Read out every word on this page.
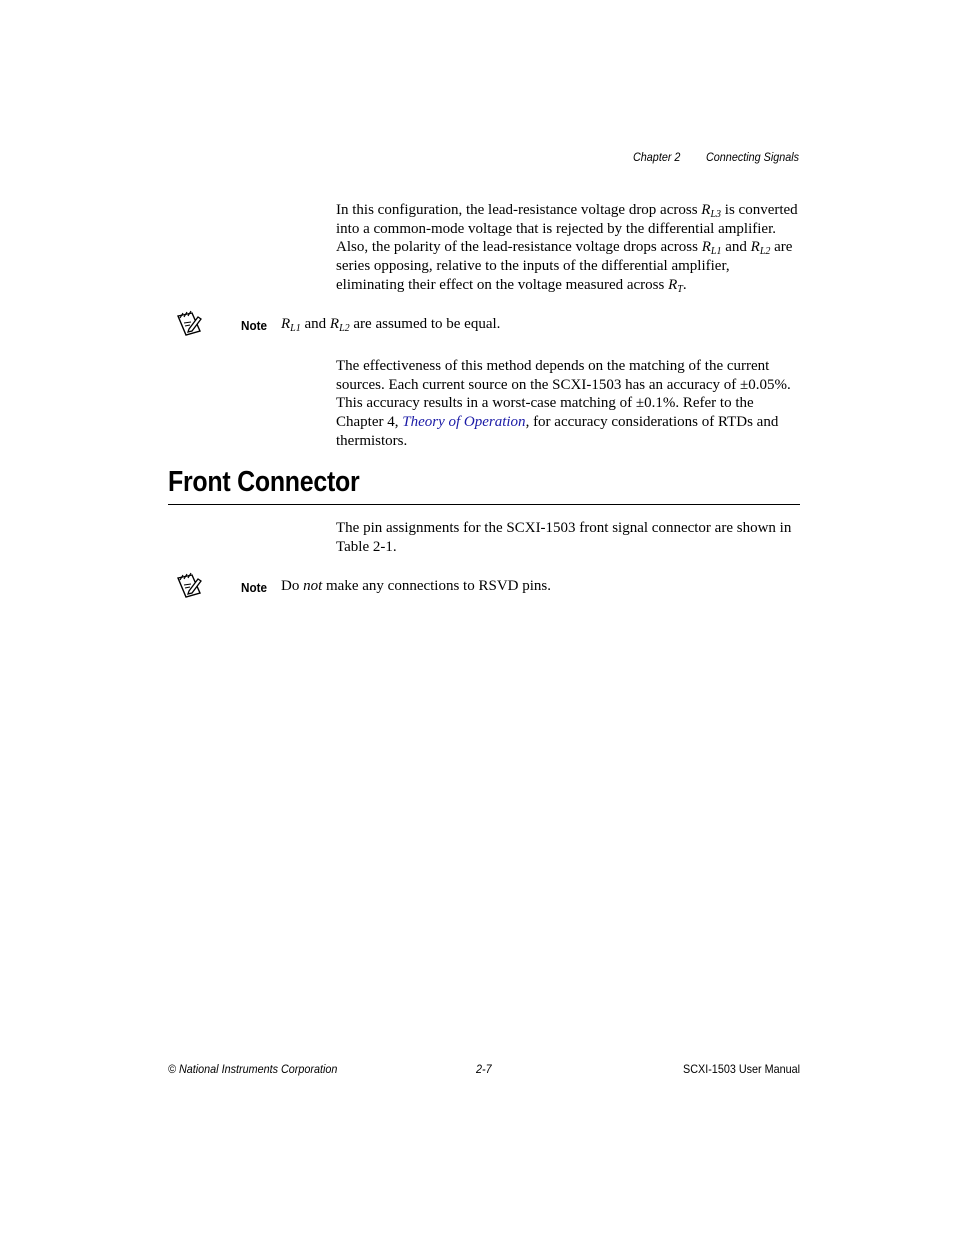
Chapter 2 Connecting Signals
In this configuration, the lead-resistance voltage drop across $R_{L3}$ is converted into a common-mode voltage that is rejected by the differential amplifier. Also, the polarity of the lead-resistance voltage drops across $R_{L1}$ and $R_{L2}$ are series opposing, relative to the inputs of the differential amplifier, eliminating their effect on the voltage measured across $R_T$.
Note $R_{L1}$ and $R_{L2}$ are assumed to be equal.
The effectiveness of this method depends on the matching of the current sources. Each current source on the SCXI-1503 has an accuracy of ±0.05%. This accuracy results in a worst-case matching of ±0.1%. Refer to the Chapter 4, Theory of Operation, for accuracy considerations of RTDs and thermistors.
Front Connector
The pin assignments for the SCXI-1503 front signal connector are shown in Table 2-1.
Note Do not make any connections to RSVD pins.
© National Instruments Corporation	2-7	SCXI-1503 User Manual
